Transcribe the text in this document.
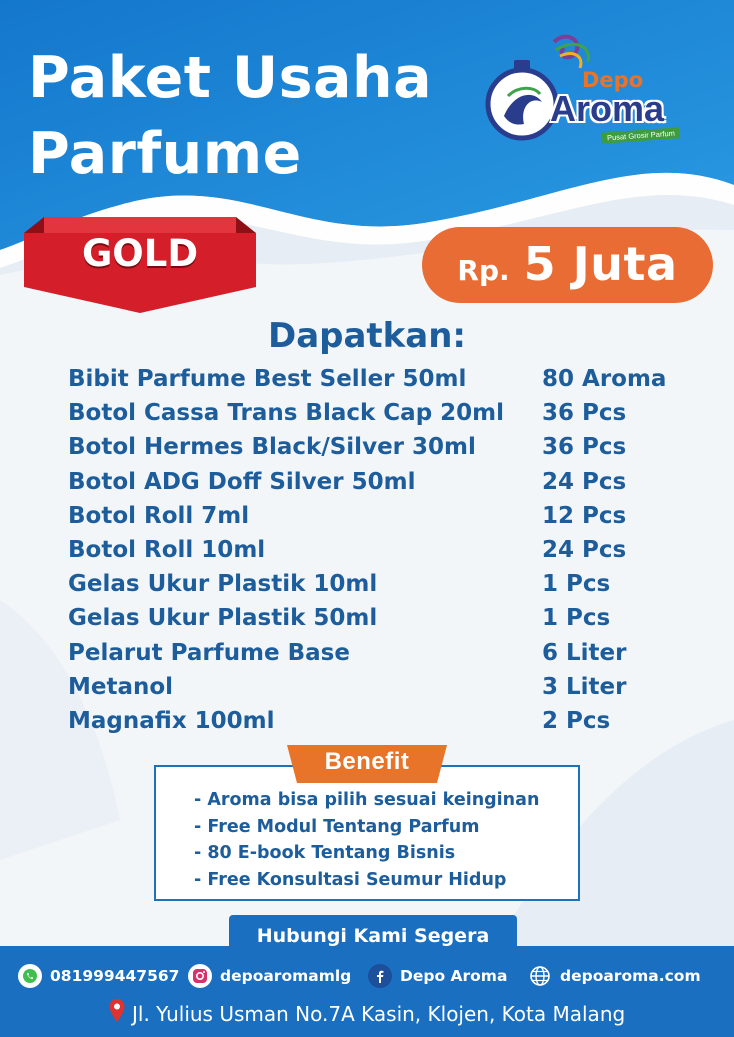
Paket Usaha
Parfume
Depo
Aroma
Pusat Grosir Parfum
GOLD	Rp. 5 Juta
Dapatkan:
Bibit Parfume Best Seller 50ml	80 Aroma
Botol Cassa Trans Black Cap 20ml 36 Pcs
Botol Hermes Black/Silver 30ml	36 Pcs
Botol ADG Doff Silver 50ml	24 Pcs
Botol Roll 7ml	12 Pcs
Botol Roll 10ml	24 Pcs
Gelas Ukur Plastik 10ml	1 Pcs
Gelas Ukur Plastik 50ml	1 Pcs
Pelarut Parfume Base	6 Liter
Metanol	3 Liter
Magnafix 100ml	2 Pcs
Benefit
- Aroma bisa pilih sesuai keinginan
- Free Modul Tentang Parfum
- 80 E-book Tentang Bisnis
- Free Konsultasi Seumur Hidup
Hubungi Kami Segera
081999447567	depoaromamlg	Depo Aroma	depoaroma.com
Jl. Yulius Usman No.7A Kasin, Klojen, Kota Malang
